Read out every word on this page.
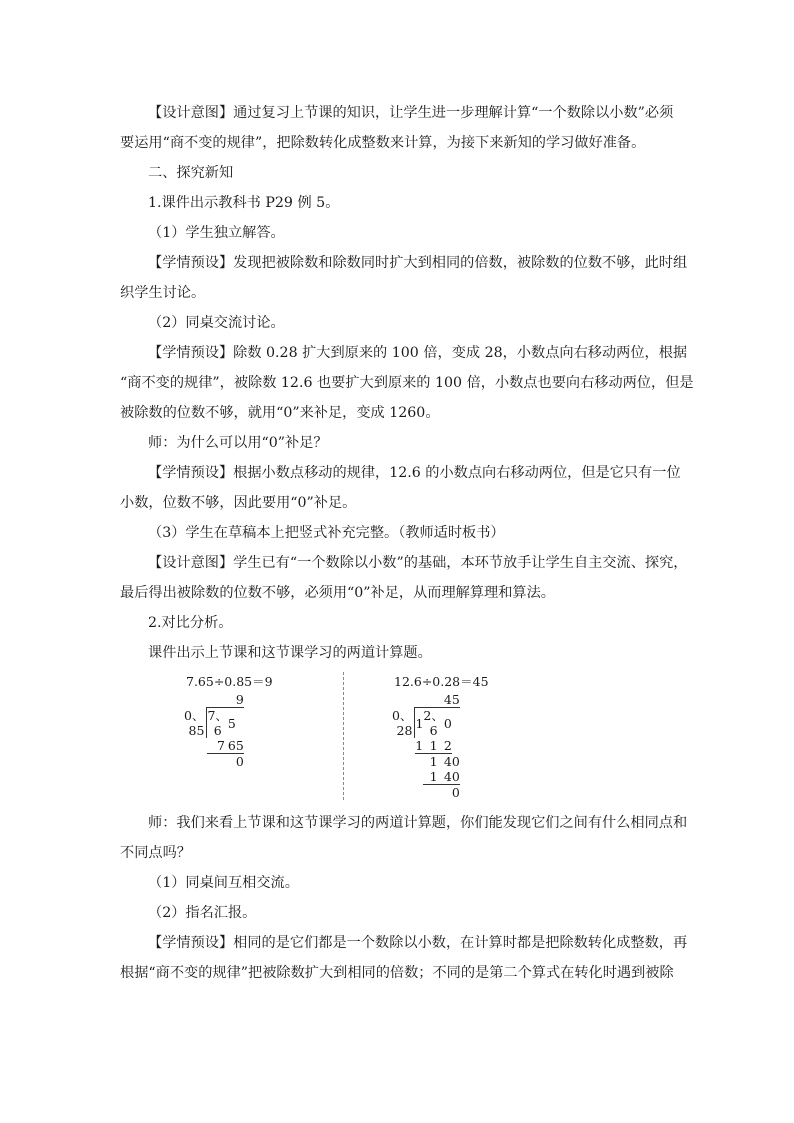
【设计意图】通过复习上节课的知识，让学生进一步理解计算“一个数除以小数”必须
要运用“商不变的规律”，把除数转化成整数来计算，为接下来新知的学习做好准备。

二、探究新知

1.课件出示教科书 P29 例 5。

（1）学生独立解答。

【学情预设】发现把被除数和除数同时扩大到相同的倍数，被除数的位数不够，此时组
织学生讨论。

（2）同桌交流讨论。

【学情预设】除数 0.28 扩大到原来的 100 倍，变成 28，小数点向右移动两位，根据
“商不变的规律”，被除数 12.6 也要扩大到原来的 100 倍，小数点也要向右移动两位，但是
被除数的位数不够，就用“0”来补足，变成 1260。

师：为什么可以用“0”补足？

【学情预设】根据小数点移动的规律，12.6 的小数点向右移动两位，但是它只有一位
小数，位数不够，因此要用“0”补足。

（3）学生在草稿本上把竖式补充完整。（教师适时板书）

【设计意图】学生已有“一个数除以小数”的基础，本环节放手让学生自主交流、探究，
最后得出被除数的位数不够，必须用“0”补足，从而理解算理和算法。

2.对比分析。

课件出示上节课和这节课学习的两道计算题。

7.65÷0.85＝9
			9
0、85	7、6	5	
	7	6	5
			0
12.6÷0.28＝45
			4	5
0、28	1	2、6	0	
	1	1	2	
		1	4	0
		1	4	0
				0
师：我们来看上节课和这节课学习的两道计算题，你们能发现它们之间有什么相同点和
不同点吗？

（1）同桌间互相交流。

（2）指名汇报。

【学情预设】相同的是它们都是一个数除以小数，在计算时都是把除数转化成整数，再
根据“商不变的规律”把被除数扩大到相同的倍数；不同的是第二个算式在转化时遇到被除
